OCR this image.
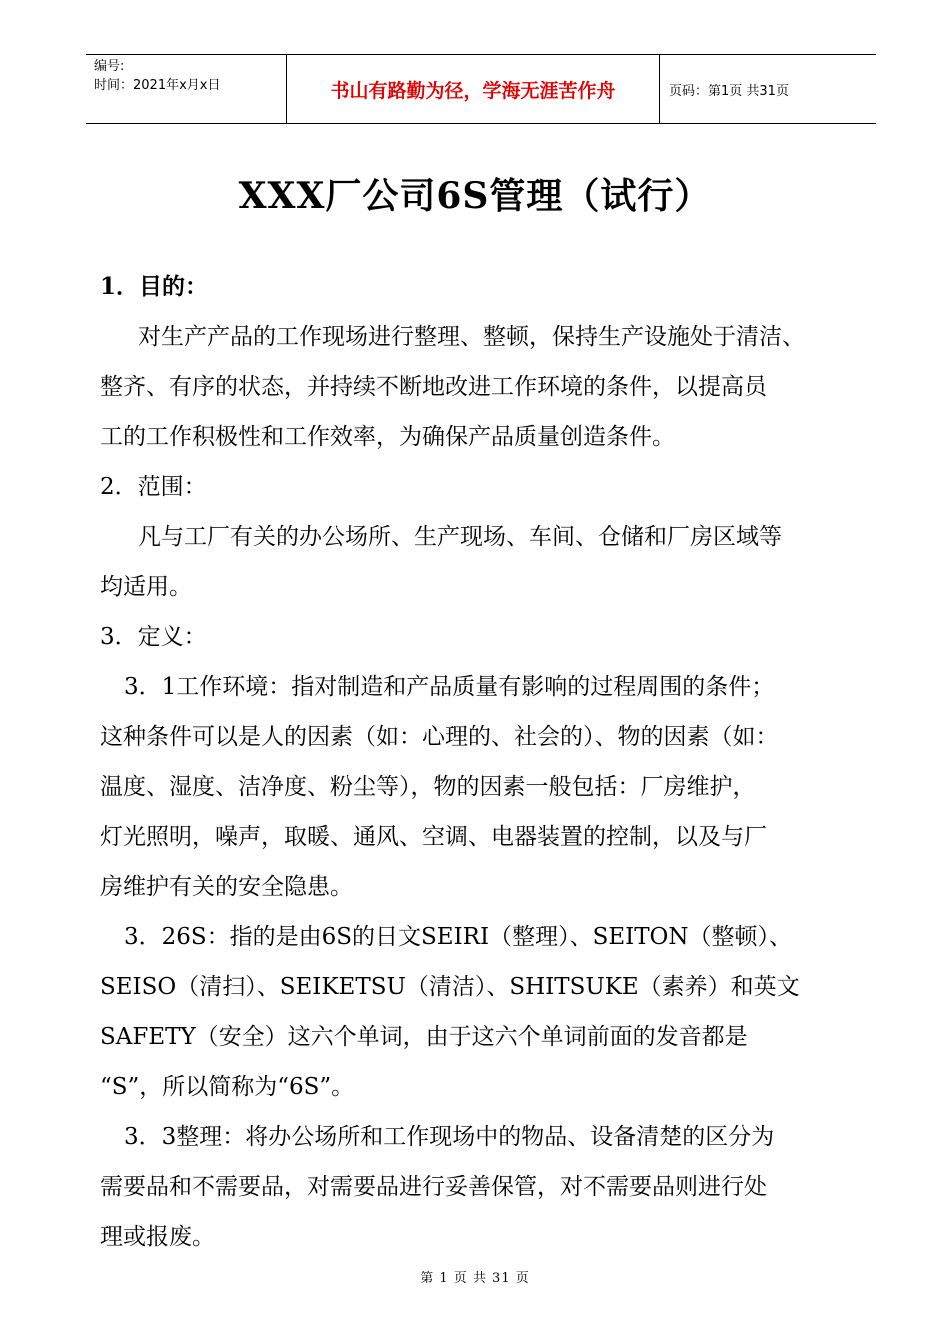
编号:
时间：2021年x月x日	书山有路勤为径，学海无涯苦作舟	页码：第1页 共31页
XXX厂公司6S管理（试行）
1．目的：
对生产产品的工作现场进行整理、整顿，保持生产设施处于清洁、
整齐、有序的状态，并持续不断地改进工作环境的条件，以提高员
工的工作积极性和工作效率，为确保产品质量创造条件。
2．范围：
凡与工厂有关的办公场所、生产现场、车间、仓储和厂房区域等
均适用。
3．定义：
3．1工作环境：指对制造和产品质量有影响的过程周围的条件；
这种条件可以是人的因素（如：心理的、社会的）、物的因素（如：
温度、湿度、洁净度、粉尘等），物的因素一般包括：厂房维护，
灯光照明，噪声，取暖、通风、空调、电器装置的控制，以及与厂
房维护有关的安全隐患。
3．26S：指的是由6S的日文SEIRI（整理）、SEITON（整顿）、
SEISO（清扫）、SEIKETSU（清洁）、SHITSUKE（素养）和英文
SAFETY（安全）这六个单词，由于这六个单词前面的发音都是
“S”，所以简称为“6S”。
3．3整理：将办公场所和工作现场中的物品、设备清楚的区分为
需要品和不需要品，对需要品进行妥善保管，对不需要品则进行处
理或报废。
第 1 页 共 31 页
